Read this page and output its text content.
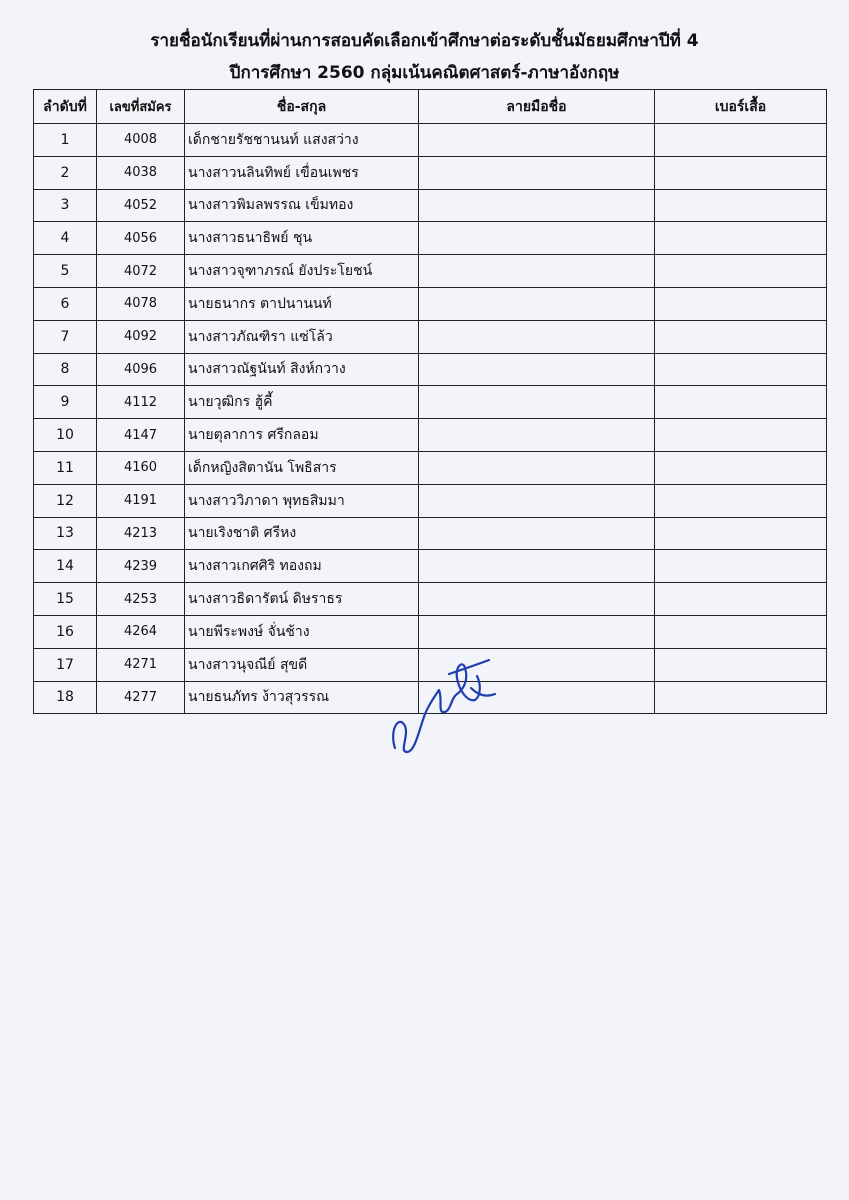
รายชื่อนักเรียนที่ผ่านการสอบคัดเลือกเข้าศึกษาต่อระดับชั้นมัธยมศึกษาปีที่ 4
ปีการศึกษา 2560 กลุ่มเน้นคณิตศาสตร์-ภาษาอังกฤษ
ลำดับที่	เลขที่สมัคร	ชื่อ-สกุล	ลายมือชื่อ	เบอร์เสื้อ
1	4008	เด็กชายรัชชานนท์ แสงสว่าง		
2	4038	นางสาวนลินทิพย์ เขื่อนเพชร		
3	4052	นางสาวพิมลพรรณ เข็มทอง		
4	4056	นางสาวธนาธิพย์ ชุน		
5	4072	นางสาวจุฑาภรณ์ ยังประโยชน์		
6	4078	นายธนากร ตาปนานนท์		
7	4092	นางสาวภัณฑิรา แซ่โล้ว		
8	4096	นางสาวณัฐนันท์ สิงห์กวาง		
9	4112	นายวุฒิกร ฮู้คี้		
10	4147	นายตุลาการ ศรีกลอม		
11	4160	เด็กหญิงสิตานัน โพธิสาร		
12	4191	นางสาววิภาดา พุทธสิมมา		
13	4213	นายเริงชาติ ศรีหง		
14	4239	นางสาวเกศศิริ ทองถม		
15	4253	นางสาวธิดารัตน์ ดิษราธร		
16	4264	นายพีระพงษ์ จั่นช้าง		
17	4271	นางสาวนุจณีย์ สุขดี		
18	4277	นายธนภัทร ง้าวสุวรรณ		
